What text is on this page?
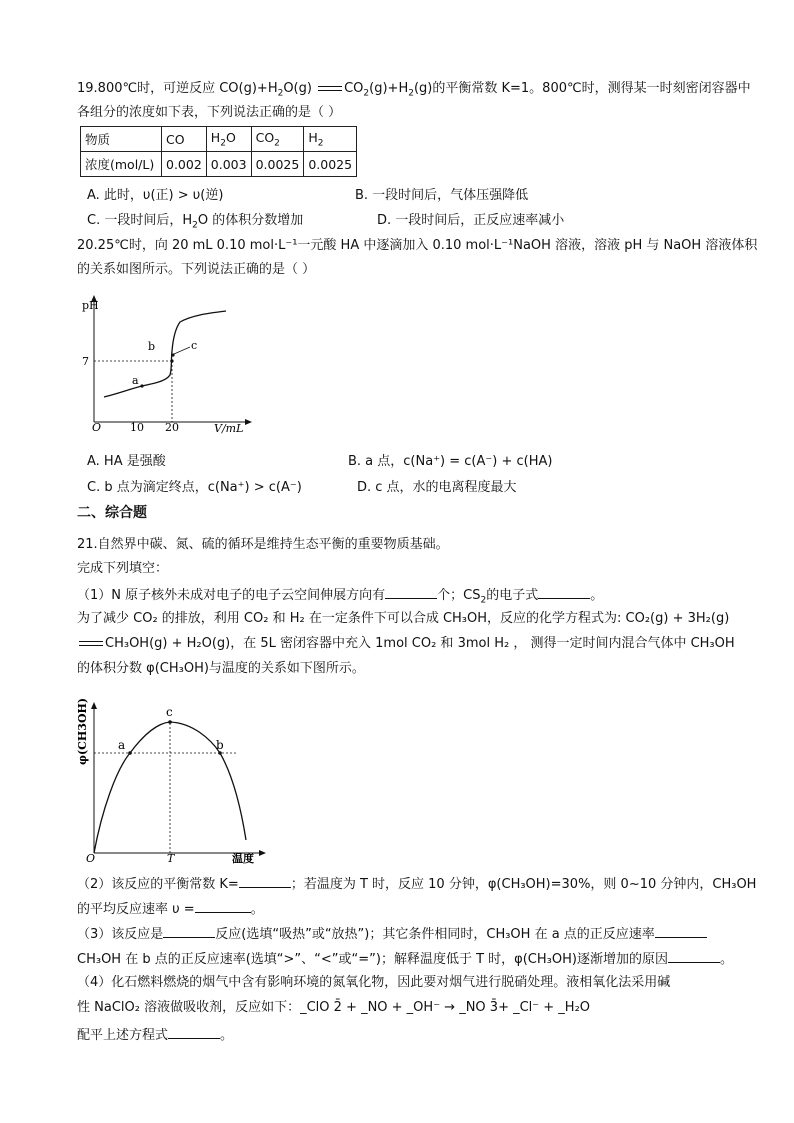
19.800℃时，可逆反应 $CO(g)+H_2O(g)$ $CO_2(g)+H_2(g)$的平衡常数 K=1。800℃时，测得某一时刻密闭容器中
各组分的浓度如下表，下列说法正确的是（ ）
物质	CO	$H_2O$	$CO_2$	$H_2$
浓度(mol/L)	0.002	0.003	0.0025	0.0025
A. 此时，υ(正) > υ(逆)	B. 一段时间后，气体压强降低
C. 一段时间后，$H_2O$ 的体积分数增加	D. 一段时间后，正反应速率减小
20.25℃时，向 20 mL 0.10 mol·L⁻¹一元酸 HA 中逐滴加入 0.10 mol·L⁻¹NaOH 溶液，溶液 pH 与 NaOH 溶液体积
的关系如图所示。下列说法正确的是（ ）
pH
V/mL
O	10 20
7
a
b	c
A. HA 是强酸	B. a 点，c(Na⁺) = c(A⁻) + c(HA)
C. b 点为滴定终点，c(Na⁺) > c(A⁻)	D. c 点，水的电离程度最大
二、综合题
21.自然界中碳、氮、硫的循环是维持生态平衡的重要物质基础。
完成下列填空：
（1）N 原子核外未成对电子的电子云空间伸展方向有	个；$CS_2$的电子式	。
为了减少 CO₂ 的排放，利用 CO₂ 和 H₂ 在一定条件下可以合成 CH₃OH，反应的化学方程式为: CO₂(g) + 3H₂(g)
CH₃OH(g) + H₂O(g)，在 5L 密闭容器中充入 1mol CO₂ 和 3mol H₂ ， 测得一定时间内混合气体中 CH₃OH
的体积分数 φ(CH₃OH)与温度的关系如下图所示。
φ(CH3OH)
温度
O	T
a
c
b
（2）该反应的平衡常数 K=	；若温度为 T 时，反应 10 分钟，φ(CH₃OH)=30%，则 0~10 分钟内，CH₃OH
的平均反应速率 υ =	。
（3）该反应是	反应(选填“吸热”或“放热”)；其它条件相同时，CH₃OH 在 a 点的正反应速率
CH₃OH 在 b 点的正反应速率(选填“>”、“<”或“=”)；解释温度低于 T 时，φ(CH₃OH)逐渐增加的原因	。
（4）化石燃料燃烧的烟气中含有影响环境的氮氧化物，因此要对烟气进行脱硝处理。液相氧化法采用碱
性 NaClO₂ 溶液做吸收剂，反应如下：_ClO 2̄ + _NO + _OH⁻ → _NO 3̄+ _Cl⁻ + _H₂O
配平上述方程式	。
